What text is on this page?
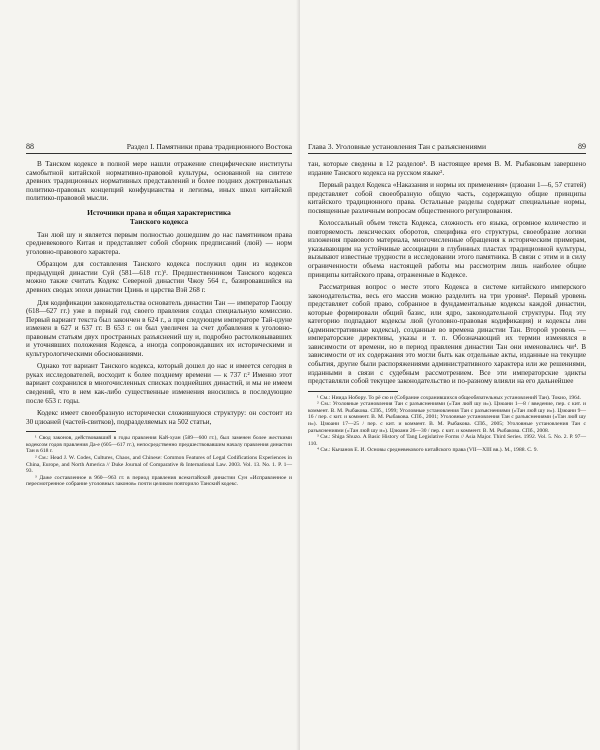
88	Раздел I. Памятники права традиционного Востока

В Танском кодексе в полной мере нашли отражение специфические институты самобытной китайской нормативно-правовой культуры, основанной на синтезе древних традиционных нормативных представлений и более поздних доктринальных политико-правовых концепций конфуцианства и легизма, иных школ китайской политико-правовой мысли.

Источники права и общая характеристика
Танского кодекса

Тан люй шу и является первым полностью дошедшим до нас памятником права средневекового Китая и представляет собой сборник предписаний (люй) — норм уголовно-правового характера.

Образцом для составления Танского кодекса послужил один из кодексов предыдущей династии Суй (581—618 гг.)¹. Предшественником Танского кодекса можно также считать Кодекс Северной династии Чжоу 564 г., базировавшийся на древних сводах эпохи династии Цзинь и царства Вэй 268 г.

Для кодификации законодательства основатель династии Тан — император Гаоцзу (618—627 гг.) уже в первый год своего правления создал специальную комиссию. Первый вариант текста был закончен в 624 г., а при следующем императоре Тай-цзуне изменен в 627 и 637 гг. В 653 г. он был увеличен за счет добавления к уголовно-правовым статьям двух пространных разъяснений шу и, подробно растолковывавших и уточнявших положения Кодекса, а иногда сопровождавших их историческими и культурологическими обоснованиями.

Однако тот вариант Танского кодекса, который дошел до нас и имеется сегодня в руках исследователей, восходит к более позднему времени — к 737 г.² Именно этот вариант сохранился в многочисленных списках позднейших династий, и мы не имеем сведений, что в нем как-либо существенные изменения вносились в последующие после 653 г. годы.

Кодекс имеет своеобразную исторически сложившуюся структуру: он состоит из 30 цзюаней (частей-свитков), подразделяемых на 502 статьи,

¹ Свод законов, действовавший в годы правления Кай-хуан (589—600 гг.), был заменен более жесткими кодексом годов правления Да-е (605—617 гг.), непосредственно предшествовавшим началу правления династии Тан в 618 г.

² См.: Head J. W. Codes, Cultures, Chaos, and Chinese: Common Features of Legal Codifications Experiences in China, Europe, and North America // Duke Journal of Comparative & International Law. 2003. Vol. 13. No. 1. P. 1—93.

³ Даже составленное в 960—963 гг. в период правления всекитайской династии Сун «Исправленное и пересмотренное собрание уголовных законов» почти целиком повторило Танский кодекс.

Глава 3. Уголовные установления Тан с разъяснениями	89

тан, которые сведены в 12 разделов¹. В настоящее время В. М. Рыбаковым завершено издание Танского кодекса на русском языке².

Первый раздел Кодекса «Наказания и нормы их применения» (цзюани 1—6, 57 статей) представляет собой своеобразную общую часть, содержащую общие принципы китайского традиционного права. Остальные разделы содержат специальные нормы, посвященные различным вопросам общественного регулирования.

Колоссальный объем текста Кодекса, сложность его языка, огромное количество и повторяемость лексических оборотов, специфика его структуры, своеобразие логики изложения правового материала, многочисленные обращения к историческим примерам, указывающим на устойчивые ассоциации в глубинных пластах традиционной культуры, вызывают известные трудности в исследовании этого памятника. В связи с этим и в силу ограниченности объема настоящей работы мы рассмотрим лишь наиболее общие принципы китайского права, отраженные в Кодексе.

Рассматривая вопрос о месте этого Кодекса в системе китайского имперского законодательства, весь его массив можно разделить на три уровня³. Первый уровень представляет собой право, собранное в фундаментальные кодексы каждой династии, которые формировали общий базис, или ядро, законодательной структуры. Под эту категорию подпадают кодексы люй (уголовно-правовая кодификация) и кодексы лин (административные кодексы), созданные во времена династии Тан. Второй уровень — императорские директивы, указы и т. п. Обозначающий их термин изменялся в зависимости от времени, но в период правления династии Тан они именовались чи⁴. В зависимости от их содержания это могли быть как отдельные акты, изданные на текущие события, другие были распоряжениями административного характера или же решениями, изданными в связи с судебным рассмотрением. Все эти императорские эдикты представляли собой текущее законодательство и по-разному влияли на его дальнейшее

¹ См.: Ниида Нобору. То рё сю и (Собрание сохранившихся общеобязательных установлений Тан). Токио, 1964.

² См.: Уголовные установления Тан с разъяснениями («Тан люй шу и»). Цзюани 1—8 / введение, пер. с кит. и коммент. В. М. Рыбакова. СПб., 1999; Уголовные установления Тан с разъяснениями («Тан люй шу и»). Цзюани 9—16 / пер. с кит. и коммент. В. М. Рыбакова. СПб., 2001; Уголовные установления Тан с разъяснениями («Тан люй шу и»). Цзюани 17—25 / пер. с кит. и коммент. В. М. Рыбакова. СПб., 2005; Уголовные установления Тан с разъяснениями («Тан люй шу и»). Цзюани 26—30 / пер. с кит. и коммент. В. М. Рыбакова. СПб., 2008.

³ См.: Shiga Shuzo. A Basic History of Tang Legislative Forms // Asia Major. Third Series. 1992. Vol. 5. No. 2. P. 97—110.

⁴ См.: Кычанов Е. И. Основы средневекового китайского права (VII—XIII вв.). М., 1988. С. 9.
